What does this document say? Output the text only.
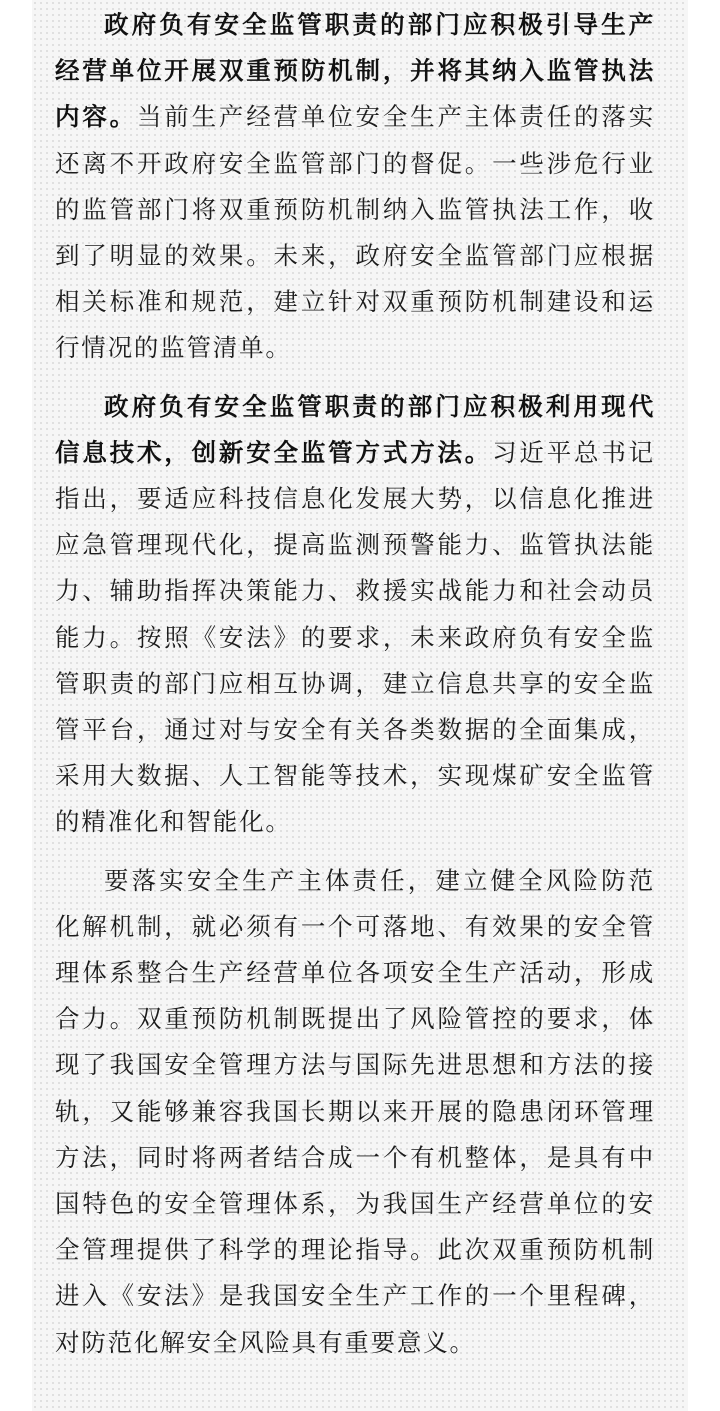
政府负有安全监管职责的部门应积极引导生产经营单位开展双重预防机制，并将其纳入监管执法内容。当前生产经营单位安全生产主体责任的落实还离不开政府安全监管部门的督促。一些涉危行业的监管部门将双重预防机制纳入监管执法工作，收到了明显的效果。未来，政府安全监管部门应根据相关标准和规范，建立针对双重预防机制建设和运行情况的监管清单。

政府负有安全监管职责的部门应积极利用现代信息技术，创新安全监管方式方法。习近平总书记指出，要适应科技信息化发展大势，以信息化推进应急管理现代化，提高监测预警能力、监管执法能力、辅助指挥决策能力、救援实战能力和社会动员能力。按照《安法》的要求，未来政府负有安全监管职责的部门应相互协调，建立信息共享的安全监管平台，通过对与安全有关各类数据的全面集成，采用大数据、人工智能等技术，实现煤矿安全监管的精准化和智能化。

要落实安全生产主体责任，建立健全风险防范化解机制，就必须有一个可落地、有效果的安全管理体系整合生产经营单位各项安全生产活动，形成合力。双重预防机制既提出了风险管控的要求，体现了我国安全管理方法与国际先进思想和方法的接轨，又能够兼容我国长期以来开展的隐患闭环管理方法，同时将两者结合成一个有机整体，是具有中国特色的安全管理体系，为我国生产经营单位的安全管理提供了科学的理论指导。此次双重预防机制进入《安法》是我国安全生产工作的一个里程碑，对防范化解安全风险具有重要意义。
